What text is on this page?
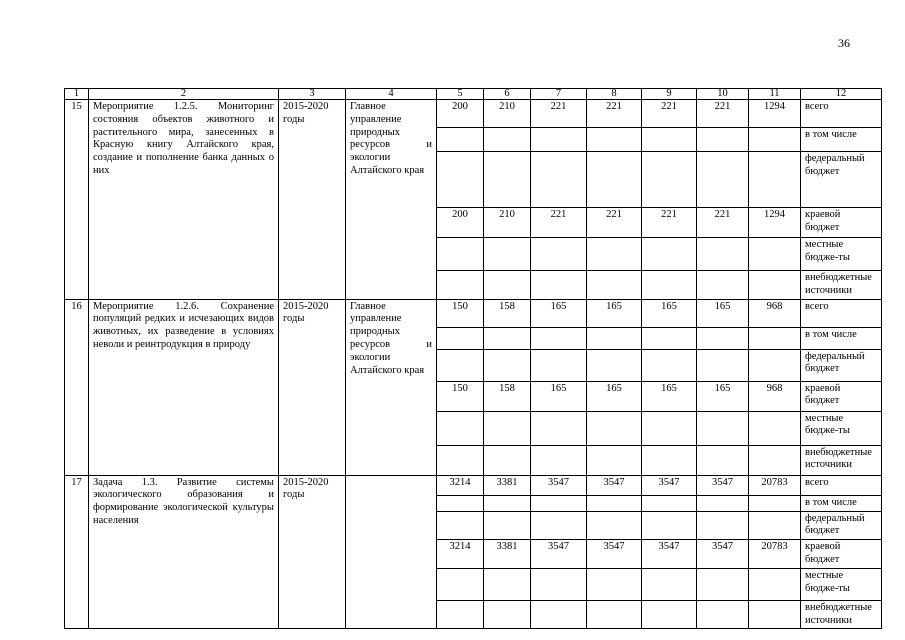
36
1	2	3	4	5	6	7	8	9	10	11	12
15	Мероприятие 1.2.5. Мониторинг состояния объектов животного и растительного мира, занесенных в Красную книгу Алтайского края, создание и пополнение банка данных о них	2015-2020 годы	Главное управление природных ресурсов и экологии Алтайского края	200	210	221	221	221	221	1294	всего
											в том числе
											федеральный бюджет
				200	210	221	221	221	221	1294	краевой бюджет
											местные бюдже-ты
											внебюджетные источники
16	Мероприятие 1.2.6. Сохранение популяций редких и исчезающих видов животных, их разведение в условиях неволи и реинтродукция в природу	2015-2020 годы	Главное управление природных ресурсов и экологии Алтайского края	150	158	165	165	165	165	968	всего
											в том числе
											федеральный бюджет
				150	158	165	165	165	165	968	краевой бюджет
											местные бюдже-ты
											внебюджетные источники
17	Задача 1.3. Развитие системы экологического образования и формирование экологической культуры населения	2015-2020 годы		3214	3381	3547	3547	3547	3547	20783	всего
											в том числе
											федеральный бюджет
				3214	3381	3547	3547	3547	3547	20783	краевой бюджет
											местные бюдже-ты
											внебюджетные источники
